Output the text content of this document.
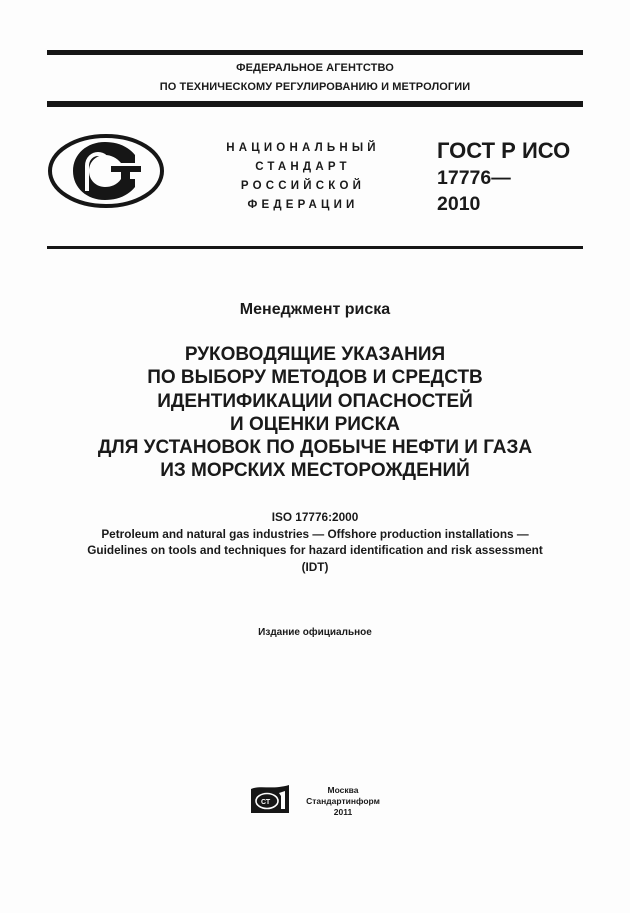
ФЕДЕРАЛЬНОЕ АГЕНТСТВО
ПО ТЕХНИЧЕСКОМУ РЕГУЛИРОВАНИЮ И МЕТРОЛОГИИ
НАЦИОНАЛЬНЫЙ
СТАНДАРТ
РОССИЙСКОЙ
ФЕДЕРАЦИИ
ГОСТ Р ИСО
17776—
2010
Менеджмент риска
РУКОВОДЯЩИЕ УКАЗАНИЯ
ПО ВЫБОРУ МЕТОДОВ И СРЕДСТВ
ИДЕНТИФИКАЦИИ ОПАСНОСТЕЙ
И ОЦЕНКИ РИСКА
ДЛЯ УСТАНОВОК ПО ДОБЫЧЕ НЕФТИ И ГАЗА
ИЗ МОРСКИХ МЕСТОРОЖДЕНИЙ
ISO 17776:2000
Petroleum and natural gas industries — Offshore production installations —
Guidelines on tools and techniques for hazard identification and risk assessment
(IDT)
Издание официальное
СТ
Москва
Стандартинформ
2011
